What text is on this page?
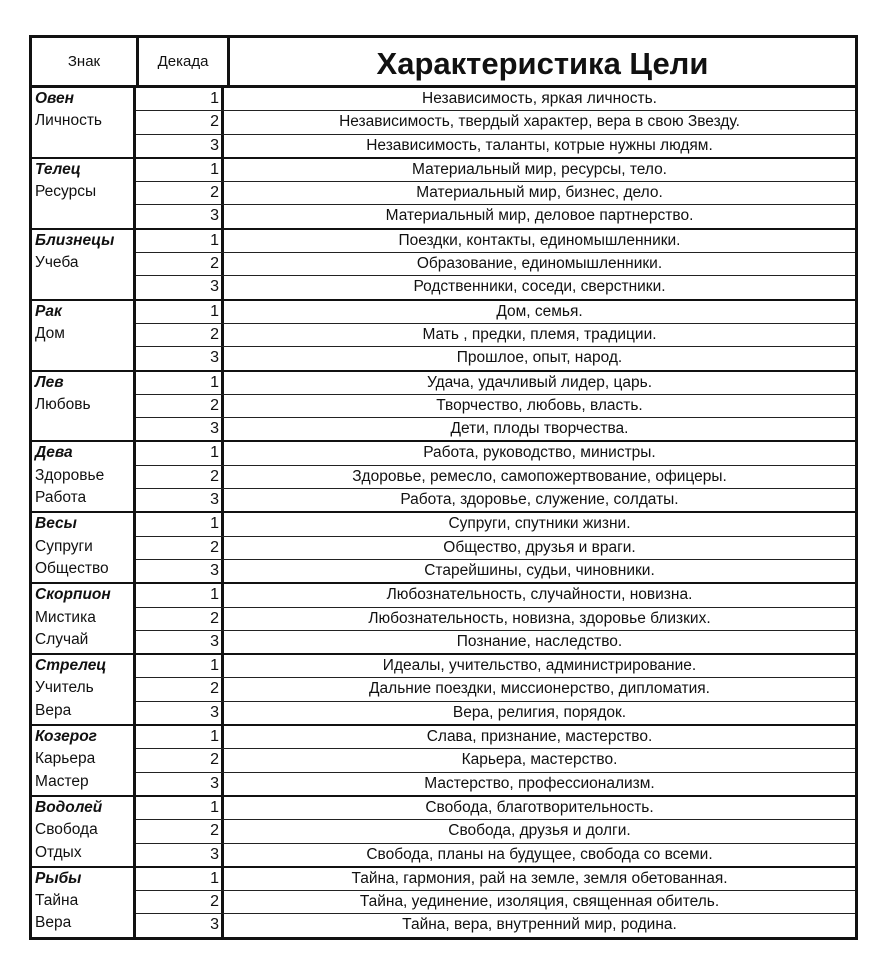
Знак	Декада	Характеристика Цели
Овен
Личность
1	Независимость, яркая личность.
2	Независимость, твердый характер, вера в свою Звезду.
3	Независимость, таланты, котрые нужны людям.
Телец
Ресурсы
1	Материальный мир, ресурсы, тело.
2	Материальный мир, бизнес, дело.
3	Материальный мир, деловое партнерство.
Близнецы
Учеба
1	Поездки, контакты, единомышленники.
2	Образование, единомышленники.
3	Родственники, соседи, сверстники.
Рак
Дом
1	Дом, семья.
2	Мать , предки, племя, традиции.
3	Прошлое, опыт, народ.
Лев
Любовь
1	Удача, удачливый лидер, царь.
2	Творчество, любовь, власть.
3	Дети, плоды творчества.
Дева
Здоровье
Работа
1	Работа, руководство, министры.
2	Здоровье, ремесло, самопожертвование, офицеры.
3	Работа, здоровье, служение, солдаты.
Весы
Супруги
Общество
1	Супруги, спутники жизни.
2	Общество, друзья и враги.
3	Старейшины, судьи, чиновники.
Скорпион
Мистика
Случай
1	Любознательность, случайности, новизна.
2	Любознательность, новизна, здоровье близких.
3	Познание, наследство.
Стрелец
Учитель
Вера
1	Идеалы, учительство, администрирование.
2	Дальние поездки, миссионерство, дипломатия.
3	Вера, религия, порядок.
Козерог
Карьера
Мастер
1	Слава, признание, мастерство.
2	Карьера, мастерство.
3	Мастерство, профессионализм.
Водолей
Свобода
Отдых
1	Свобода, благотворительность.
2	Свобода, друзья и долги.
3	Свобода, планы на будущее, свобода со всеми.
Рыбы
Тайна
Вера
1	Тайна, гармония, рай на земле, земля обетованная.
2	Тайна, уединение, изоляция, священная обитель.
3	Тайна, вера, внутренний мир, родина.
